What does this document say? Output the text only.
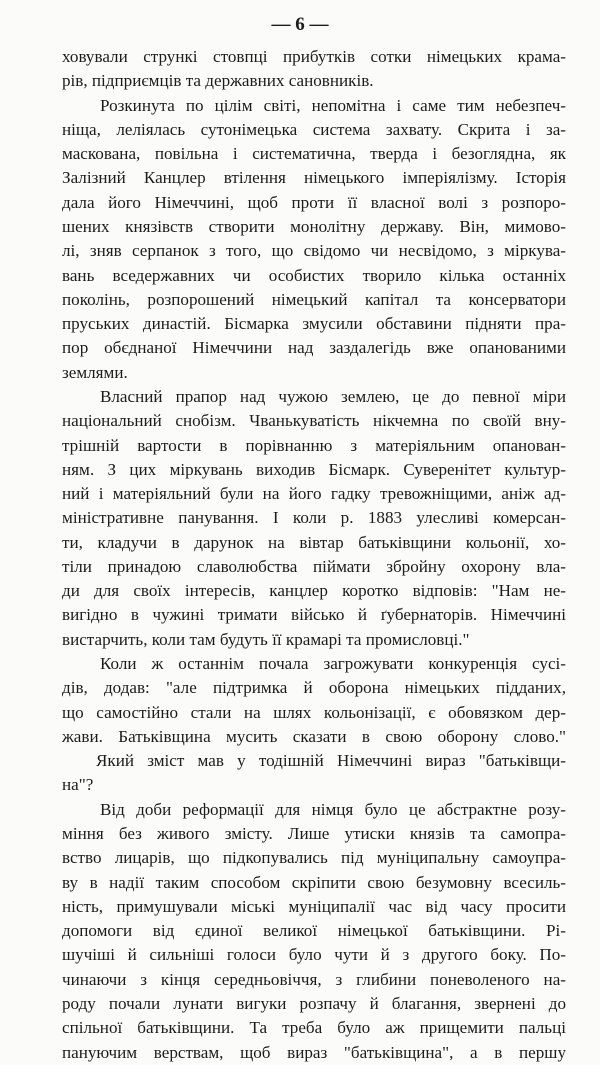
— 6 —
ховували стрункі стовпці прибутків сотки німецьких крама-
рів, підприємців та державних сановників.
Розкинута по цілім світі, непомітна і саме тим небезпеч-
ніща, леліялась сутонімецька система захвату. Скрита і за-
маскована, повільна і систематична, тверда і безоглядна, як
Залізний Канцлер втілення німецького імперіялізму. Історія
дала його Німеччині, щоб проти її власної волі з розпоро-
шених князівств створити монолітну державу. Він, мимово-
лі, зняв серпанок з того, що свідомо чи несвідомо, з міркува-
вань вседержавних чи особистих творило кілька останніх
поколінь, розпорошений німецький капітал та консерватори
пруських династій. Бісмарка змусили обставини підняти пра-
пор обєднаної Німеччини над заздалегідь вже опанованими
землями.
Власний прапор над чужою землею, це до певної міри
національний снобізм. Чванькуватість нікчемна по своїй вну-
трішній вартости в порівнанню з матеріяльним опанован-
ням. З цих міркувань виходив Бісмарк. Суверенітет культур-
ний і матеріяльний були на його гадку тревожніщими, аніж ад-
міністративне панування. І коли р. 1883 улесливі комерсан-
ти, кладучи в дарунок на вівтар батьківщини кольонії, хо-
тіли принадою славолюбства піймати збройну охорону вла-
ди для своїх інтересів, канцлер коротко відповів: "Нам не-
вигідно в чужині тримати військо й ґубернаторів. Німеччині
вистарчить, коли там будуть її крамарі та промисловці."
Коли ж останнім почала загрожувати конкуренція сусі-
дів, додав: "але підтримка й оборона німецьких підданих,
що самостійно стали на шлях кольонізації, є обовязком дер-
жави. Батьківщина мусить сказати в свою оборону слово."
Який зміст мав у тодішній Німеччині вираз "батьківщи-
на"?
Від доби реформації для німця було це абстрактне розу-
міння без живого змісту. Лише утиски князів та самопра-
вство лицарів, що підкопувались під муніципальну самоупра-
ву в надії таким способом скріпити свою безумовну всесиль-
ність, примушували міські муніципалії час від часу просити
допомоги від єдиної великої німецької батьківщини. Рі-
шучіші й сильніші голоси було чути й з другого боку. По-
чинаючи з кінця середньовіччя, з глибини поневоленого на-
роду почали лунати вигуки розпачу й благання, звернені до
спільної батьківщини. Та треба було аж прищемити пальці
пануючим верствам, щоб вираз "батьківщина", а в першу
